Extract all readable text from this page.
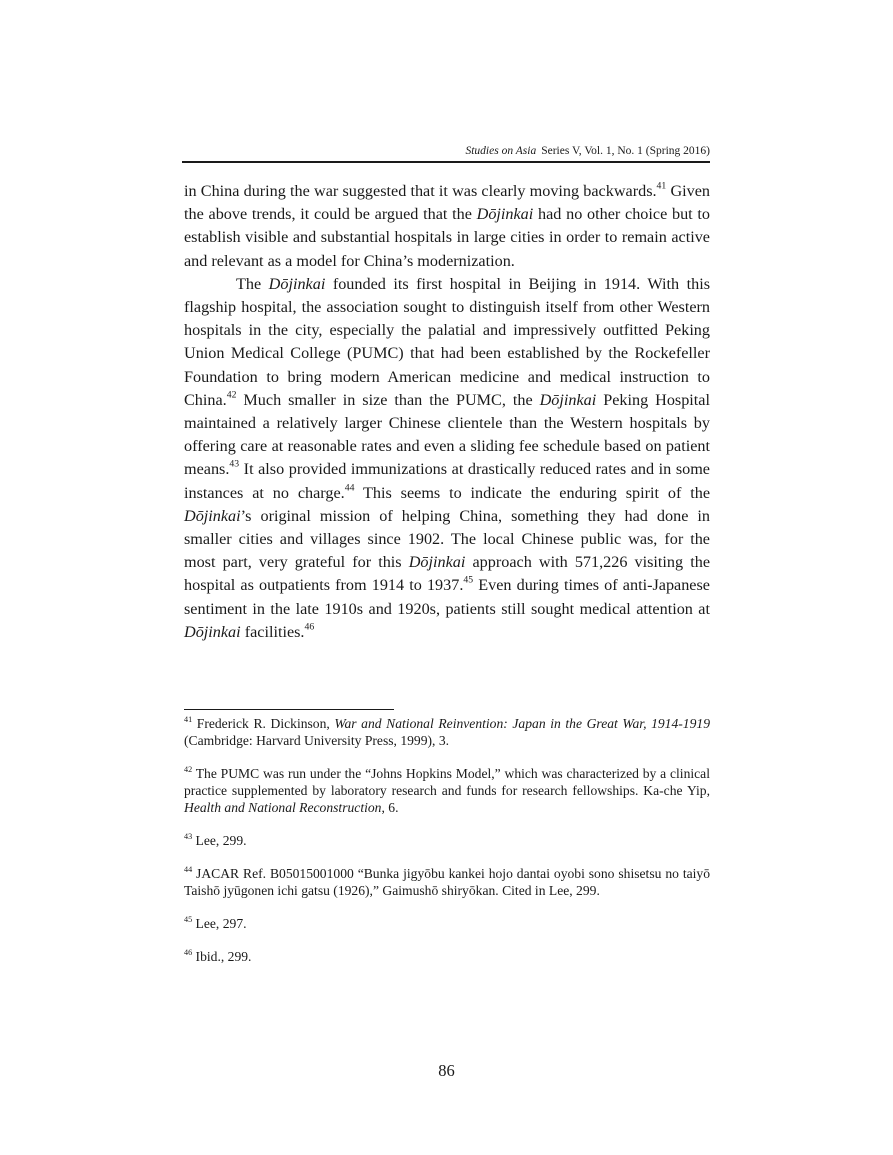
Studies on Asia Series V, Vol. 1, No. 1 (Spring 2016)

in China during the war suggested that it was clearly moving backwards.$^{41}$ Given the above trends, it could be argued that the Dōjinkai had no other choice but to establish visible and substantial hospitals in large cities in order to remain active and relevant as a model for China’s modernization.

The Dōjinkai founded its first hospital in Beijing in 1914. With this flagship hospital, the association sought to distinguish itself from other Western hospitals in the city, especially the palatial and impressively outfitted Peking Union Medical College (PUMC) that had been established by the Rockefeller Foundation to bring modern American medicine and medical instruction to China.$^{42}$ Much smaller in size than the PUMC, the Dōjinkai Peking Hospital maintained a relatively larger Chinese clientele than the Western hospitals by offering care at reasonable rates and even a sliding fee schedule based on patient means.$^{43}$ It also provided immunizations at drastically reduced rates and in some instances at no charge.$^{44}$ This seems to indicate the enduring spirit of the Dōjinkai’s original mission of helping China, something they had done in smaller cities and villages since 1902. The local Chinese public was, for the most part, very grateful for this Dōjinkai approach with 571,226 visiting the hospital as outpatients from 1914 to 1937.45 Even during times of anti-Japanese sentiment in the late 1910s and 1920s, patients still sought medical attention at Dōjinkai facilities.$^{46}$

$^{41}$ Frederick R. Dickinson, War and National Reinvention: Japan in the Great War, 1914-1919 (Cambridge: Harvard University Press, 1999), 3.

$^{42}$ The PUMC was run under the “Johns Hopkins Model,” which was characterized by a clinical practice supplemented by laboratory research and funds for research fellowships. Ka-che Yip, Health and National Reconstruction, 6.

$^{43}$ Lee, 299.

$^{44}$ JACAR Ref. B05015001000 “Bunka jigyōbu kankei hojo dantai oyobi sono shisetsu no taiyō Taishō jyūgonen ichi gatsu (1926),” Gaimushō shiryōkan. Cited in Lee, 299.

$^{45}$ Lee, 297.

$^{46}$ Ibid., 299.

86
